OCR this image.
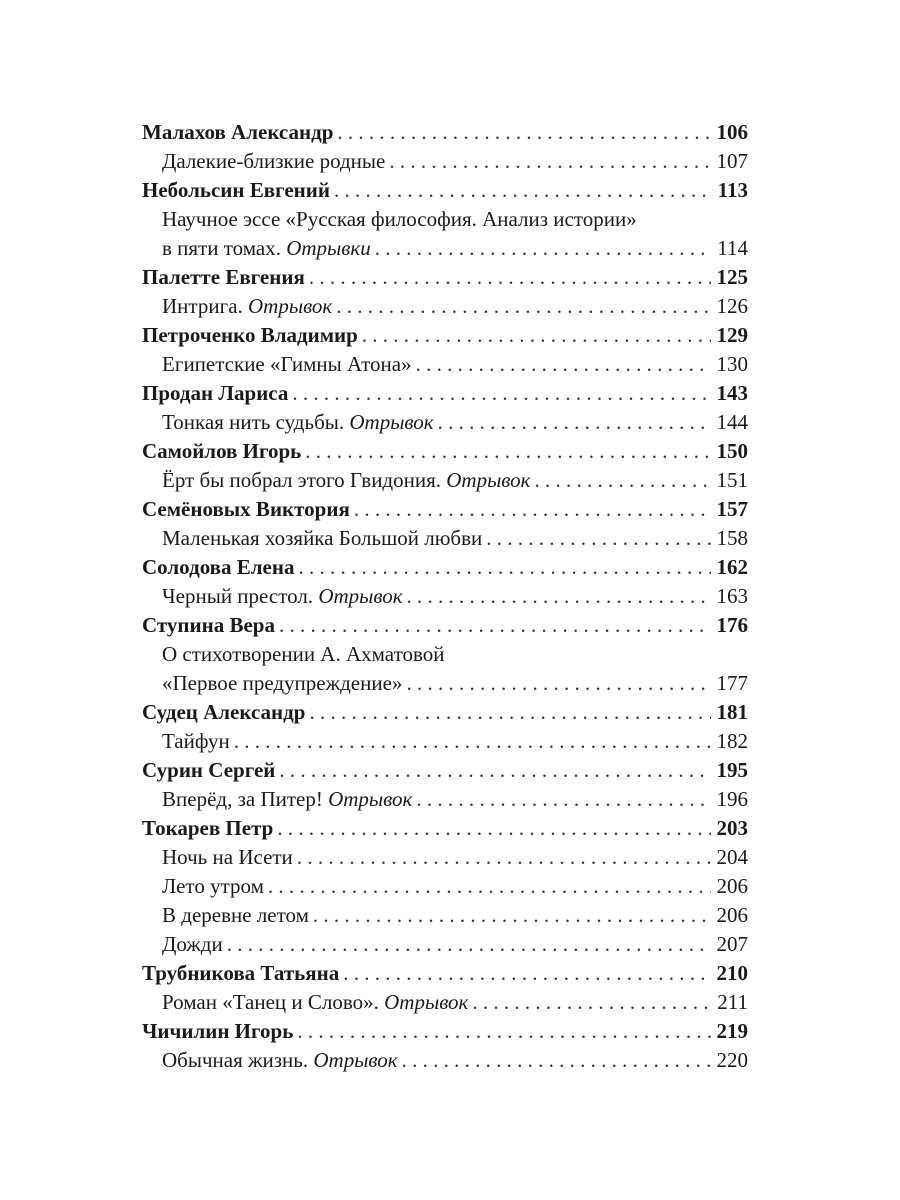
Малахов Александр . . .	106
Далекие-близкие родные . . .	107
Небольсин Евгений . . .	113
Научное эссе «Русская философия. Анализ истории»
в пяти томах. Отрывки . . .	114
Палетте Евгения . . .	125
Интрига. Отрывок . . .	126
Петроченко Владимир . . .	129
Египетские «Гимны Атона» . . .	130
Продан Лариса . . .	143
Тонкая нить судьбы. Отрывок . . .	144
Самойлов Игорь . . .	150
Ёрт бы побрал этого Гвидония. Отрывок . . .	151
Семёновых Виктория . . .	157
Маленькая хозяйка Большой любви . . .	158
Солодова Елена . . .	162
Черный престол. Отрывок . . .	163
Ступина Вера . . .	176
О стихотворении А. Ахматовой
«Первое предупреждение» . . .	177
Судец Александр . . .	181
Тайфун . . .	182
Сурин Сергей . . .	195
Вперёд, за Питер! Отрывок . . .	196
Токарев Петр . . .	203
Ночь на Исети . . .	204
Лето утром . . .	206
В деревне летом . . .	206
Дожди . . .	207
Трубникова Татьяна . . .	210
Роман «Танец и Слово». Отрывок . . .	211
Чичилин Игорь . . .	219
Обычная жизнь. Отрывок . . .	220
